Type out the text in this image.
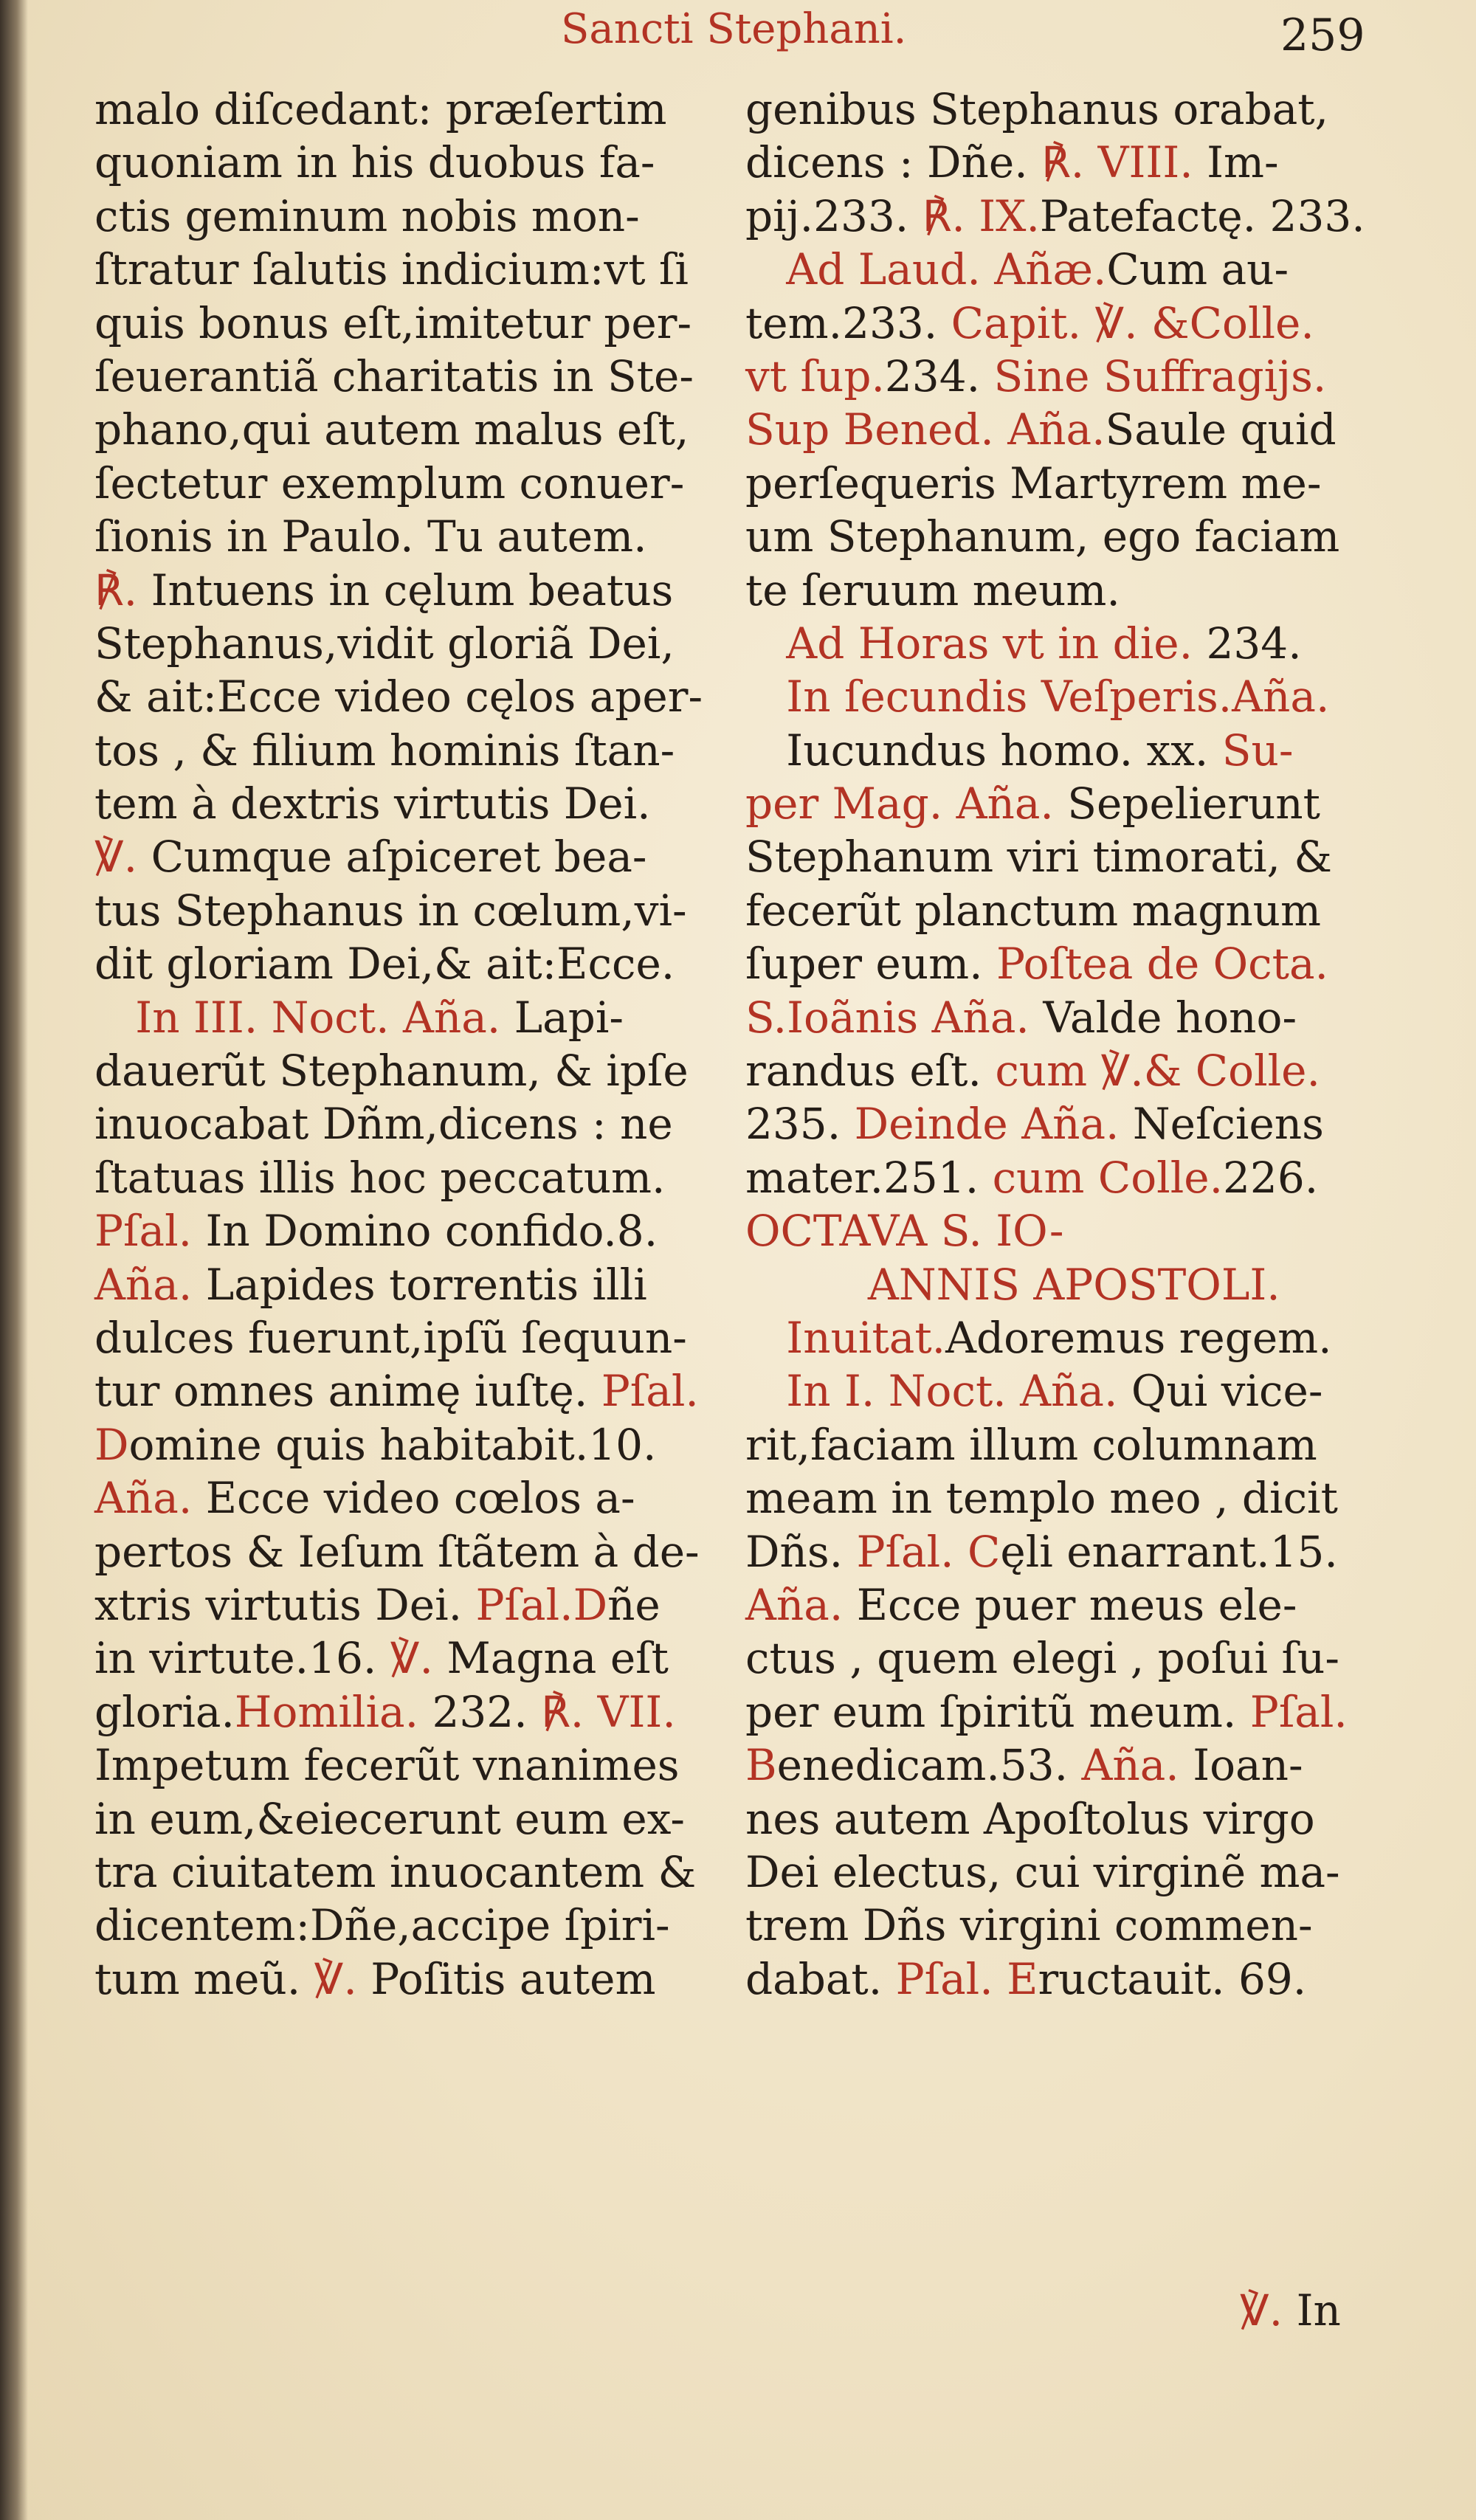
Sancti Stephani.	259
malo diſcedant: præſertim
quoniam in his duobus fa-
ctis geminum nobis mon-
ſtratur ſalutis indicium:vt ſi
quis bonus eſt,imitetur per-
ſeuerantiã charitatis in Ste-
phano,qui autem malus eſt,
ſectetur exemplum conuer-
ſionis in Paulo. Tu autem.
℟. Intuens in cęlum beatus
Stephanus,vidit gloriã Dei,
& ait:Ecce video cęlos aper-
tos , & filium hominis ſtan-
tem à dextris virtutis Dei.
℣. Cumque aſpiceret bea-
tus Stephanus in cœlum,vi-
dit gloriam Dei,& ait:Ecce.
In III. Noct. Aña. Lapi-
dauerũt Stephanum, & ipſe
inuocabat Dñm,dicens : ne
ſtatuas illis hoc peccatum.
Pſal. In Domino confido.8.
Aña. Lapides torrentis illi
dulces fuerunt,ipſũ ſequun-
tur omnes animę iuſtę. Pſal.
Domine quis habitabit.10.
Aña. Ecce video cœlos a-
pertos & Ieſum ſtãtem à de-
xtris virtutis Dei. Pſal.Dñe
in virtute.16. ℣. Magna eſt
gloria.Homilia. 232. ℟. VII.
Impetum fecerũt vnanimes
in eum,&eiecerunt eum ex-
tra ciuitatem inuocantem &
dicentem:Dñe,accipe ſpiri-
tum meũ. ℣. Poſitis autem
genibus Stephanus orabat,
dicens : Dñe. ℟. VIII. Im-
pij.233. ℟. IX.Patefactę. 233.
Ad Laud. Añæ.Cum au-
tem.233. Capit. ℣. &Colle.
vt ſup.234. Sine Suffragijs.
Sup Bened. Aña.Saule quid
perſequeris Martyrem me-
um Stephanum, ego faciam
te ſeruum meum.
Ad Horas vt in die. 234.
In ſecundis Veſperis.Aña.
Iucundus homo. xx. Su-
per Mag. Aña. Sepelierunt
Stephanum viri timorati, &
fecerũt planctum magnum
ſuper eum. Poſtea de Octa.
S.Ioãnis Aña. Valde hono-
randus eſt. cum ℣.& Colle.
235. Deinde Aña. Neſciens
mater.251. cum Colle.226.
OCTAVA S. IO-
ANNIS APOSTOLI.
Inuitat.Adoremus regem.
In I. Noct. Aña. Qui vice-
rit,faciam illum columnam
meam in templo meo , dicit
Dñs. Pſal. Cęli enarrant.15.
Aña. Ecce puer meus ele-
ctus , quem elegi , poſui ſu-
per eum ſpiritũ meum. Pſal.
Benedicam.53. Aña. Ioan-
nes autem Apoſtolus virgo
Dei electus, cui virginẽ ma-
trem Dñs virgini commen-
dabat. Pſal. Eructauit. 69.
℣. In
